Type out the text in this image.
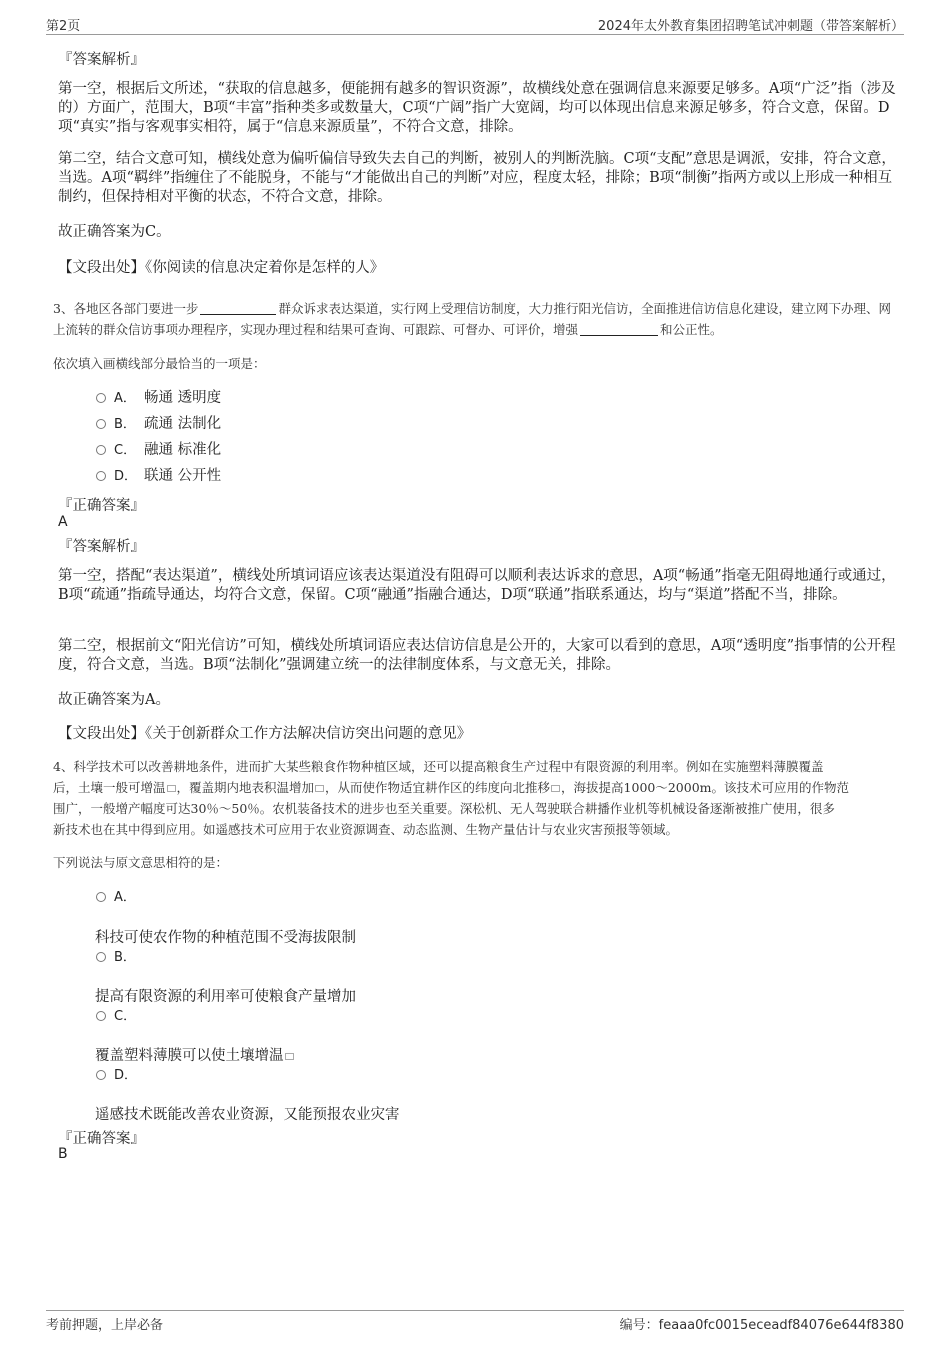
第2页	2024年太外教育集团招聘笔试冲刺题（带答案解析）
『答案解析』
第一空，根据后文所述，“获取的信息越多，便能拥有越多的智识资源”，故横线处意在强调信息来源要足够多。A项“广泛”指（涉及的）方面广，范围大，B项“丰富”指种类多或数量大，C项“广阔”指广大宽阔，均可以体现出信息来源足够多，符合文意，保留。D项“真实”指与客观事实相符，属于“信息来源质量”，不符合文意，排除。
第二空，结合文意可知，横线处意为偏听偏信导致失去自己的判断，被别人的判断洗脑。C项“支配”意思是调派，安排，符合文意，当选。A项“羁绊”指缠住了不能脱身，不能与“才能做出自己的判断”对应，程度太轻，排除；B项“制衡”指两方或以上形成一种相互制约，但保持相对平衡的状态，不符合文意，排除。
故正确答案为C。
【文段出处】《你阅读的信息决定着你是怎样的人》
3、各地区各部门要进一步	群众诉求表达渠道，实行网上受理信访制度，大力推行阳光信访，全面推进信访信息化建设，建立网下办理、网上流转的群众信访事项办理程序，实现办理过程和结果可查询、可跟踪、可督办、可评价，增强	和公正性。
依次填入画横线部分最恰当的一项是：
A． 畅通 透明度
B． 疏通 法制化
C． 融通 标准化
D． 联通 公开性
『正确答案』
A
『答案解析』
第一空，搭配“表达渠道”，横线处所填词语应该表达渠道没有阻碍可以顺利表达诉求的意思，A项“畅通”指毫无阻碍地通行或通过，B项“疏通”指疏导通达，均符合文意，保留。C项“融通”指融合通达，D项“联通”指联系通达，均与“渠道”搭配不当，排除。
第二空，根据前文“阳光信访”可知，横线处所填词语应表达信访信息是公开的，大家可以看到的意思，A项“透明度”指事情的公开程度，符合文意，当选。B项“法制化”强调建立统一的法律制度体系，与文意无关，排除。
故正确答案为A。
【文段出处】《关于创新群众工作方法解决信访突出问题的意见》
4、科学技术可以改善耕地条件，进而扩大某些粮食作物种植区域，还可以提高粮食生产过程中有限资源的利用率。例如在实施塑料薄膜覆盖
后，土壤一般可增温 ，覆盖期内地表积温增加 ，从而使作物适宜耕作区的纬度向北推移 ，海拔提高1000～2000m。该技术可应用的作物范
围广，一般增产幅度可达30％～50％。农机装备技术的进步也至关重要。深松机、无人驾驶联合耕播作业机等机械设备逐渐被推广使用，很多
新技术也在其中得到应用。如遥感技术可应用于农业资源调查、动态监测、生物产量估计与农业灾害预报等领域。
下列说法与原文意思相符的是：
A．
科技可使农作物的种植范围不受海拔限制
B．
提高有限资源的利用率可使粮食产量增加
C．
覆盖塑料薄膜可以使土壤增温
D．
遥感技术既能改善农业资源，又能预报农业灾害
『正确答案』
B
考前押题，上岸必备	编号：feaaa0fc0015eceadf84076e644f8380
